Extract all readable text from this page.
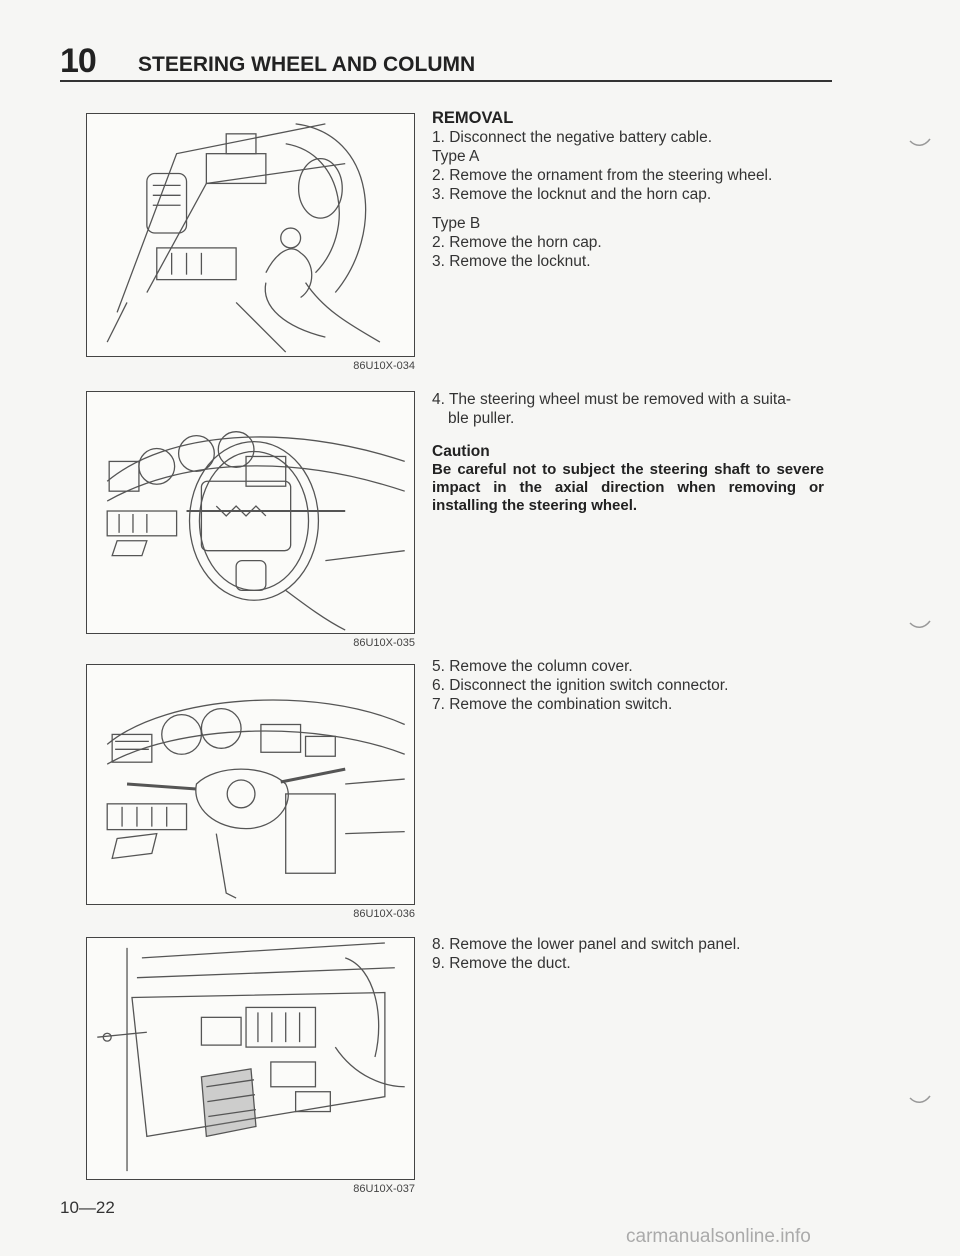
10 STEERING WHEEL AND COLUMN
86U10X-034
86U10X-035
86U10X-036
86U10X-037
REMOVAL
1. Disconnect the negative battery cable.
Type A
2. Remove the ornament from the steering wheel.
3. Remove the locknut and the horn cap.
Type B
2. Remove the horn cap.
3. Remove the locknut.
4. The steering wheel must be removed with a suita-
ble puller.
Caution
Be careful not to subject the steering shaft to severe impact in the axial direction when removing or installing the steering wheel.
5. Remove the column cover.
6. Disconnect the ignition switch connector.
7. Remove the combination switch.
8. Remove the lower panel and switch panel.
9. Remove the duct.
10—22
carmanualsonline.info
